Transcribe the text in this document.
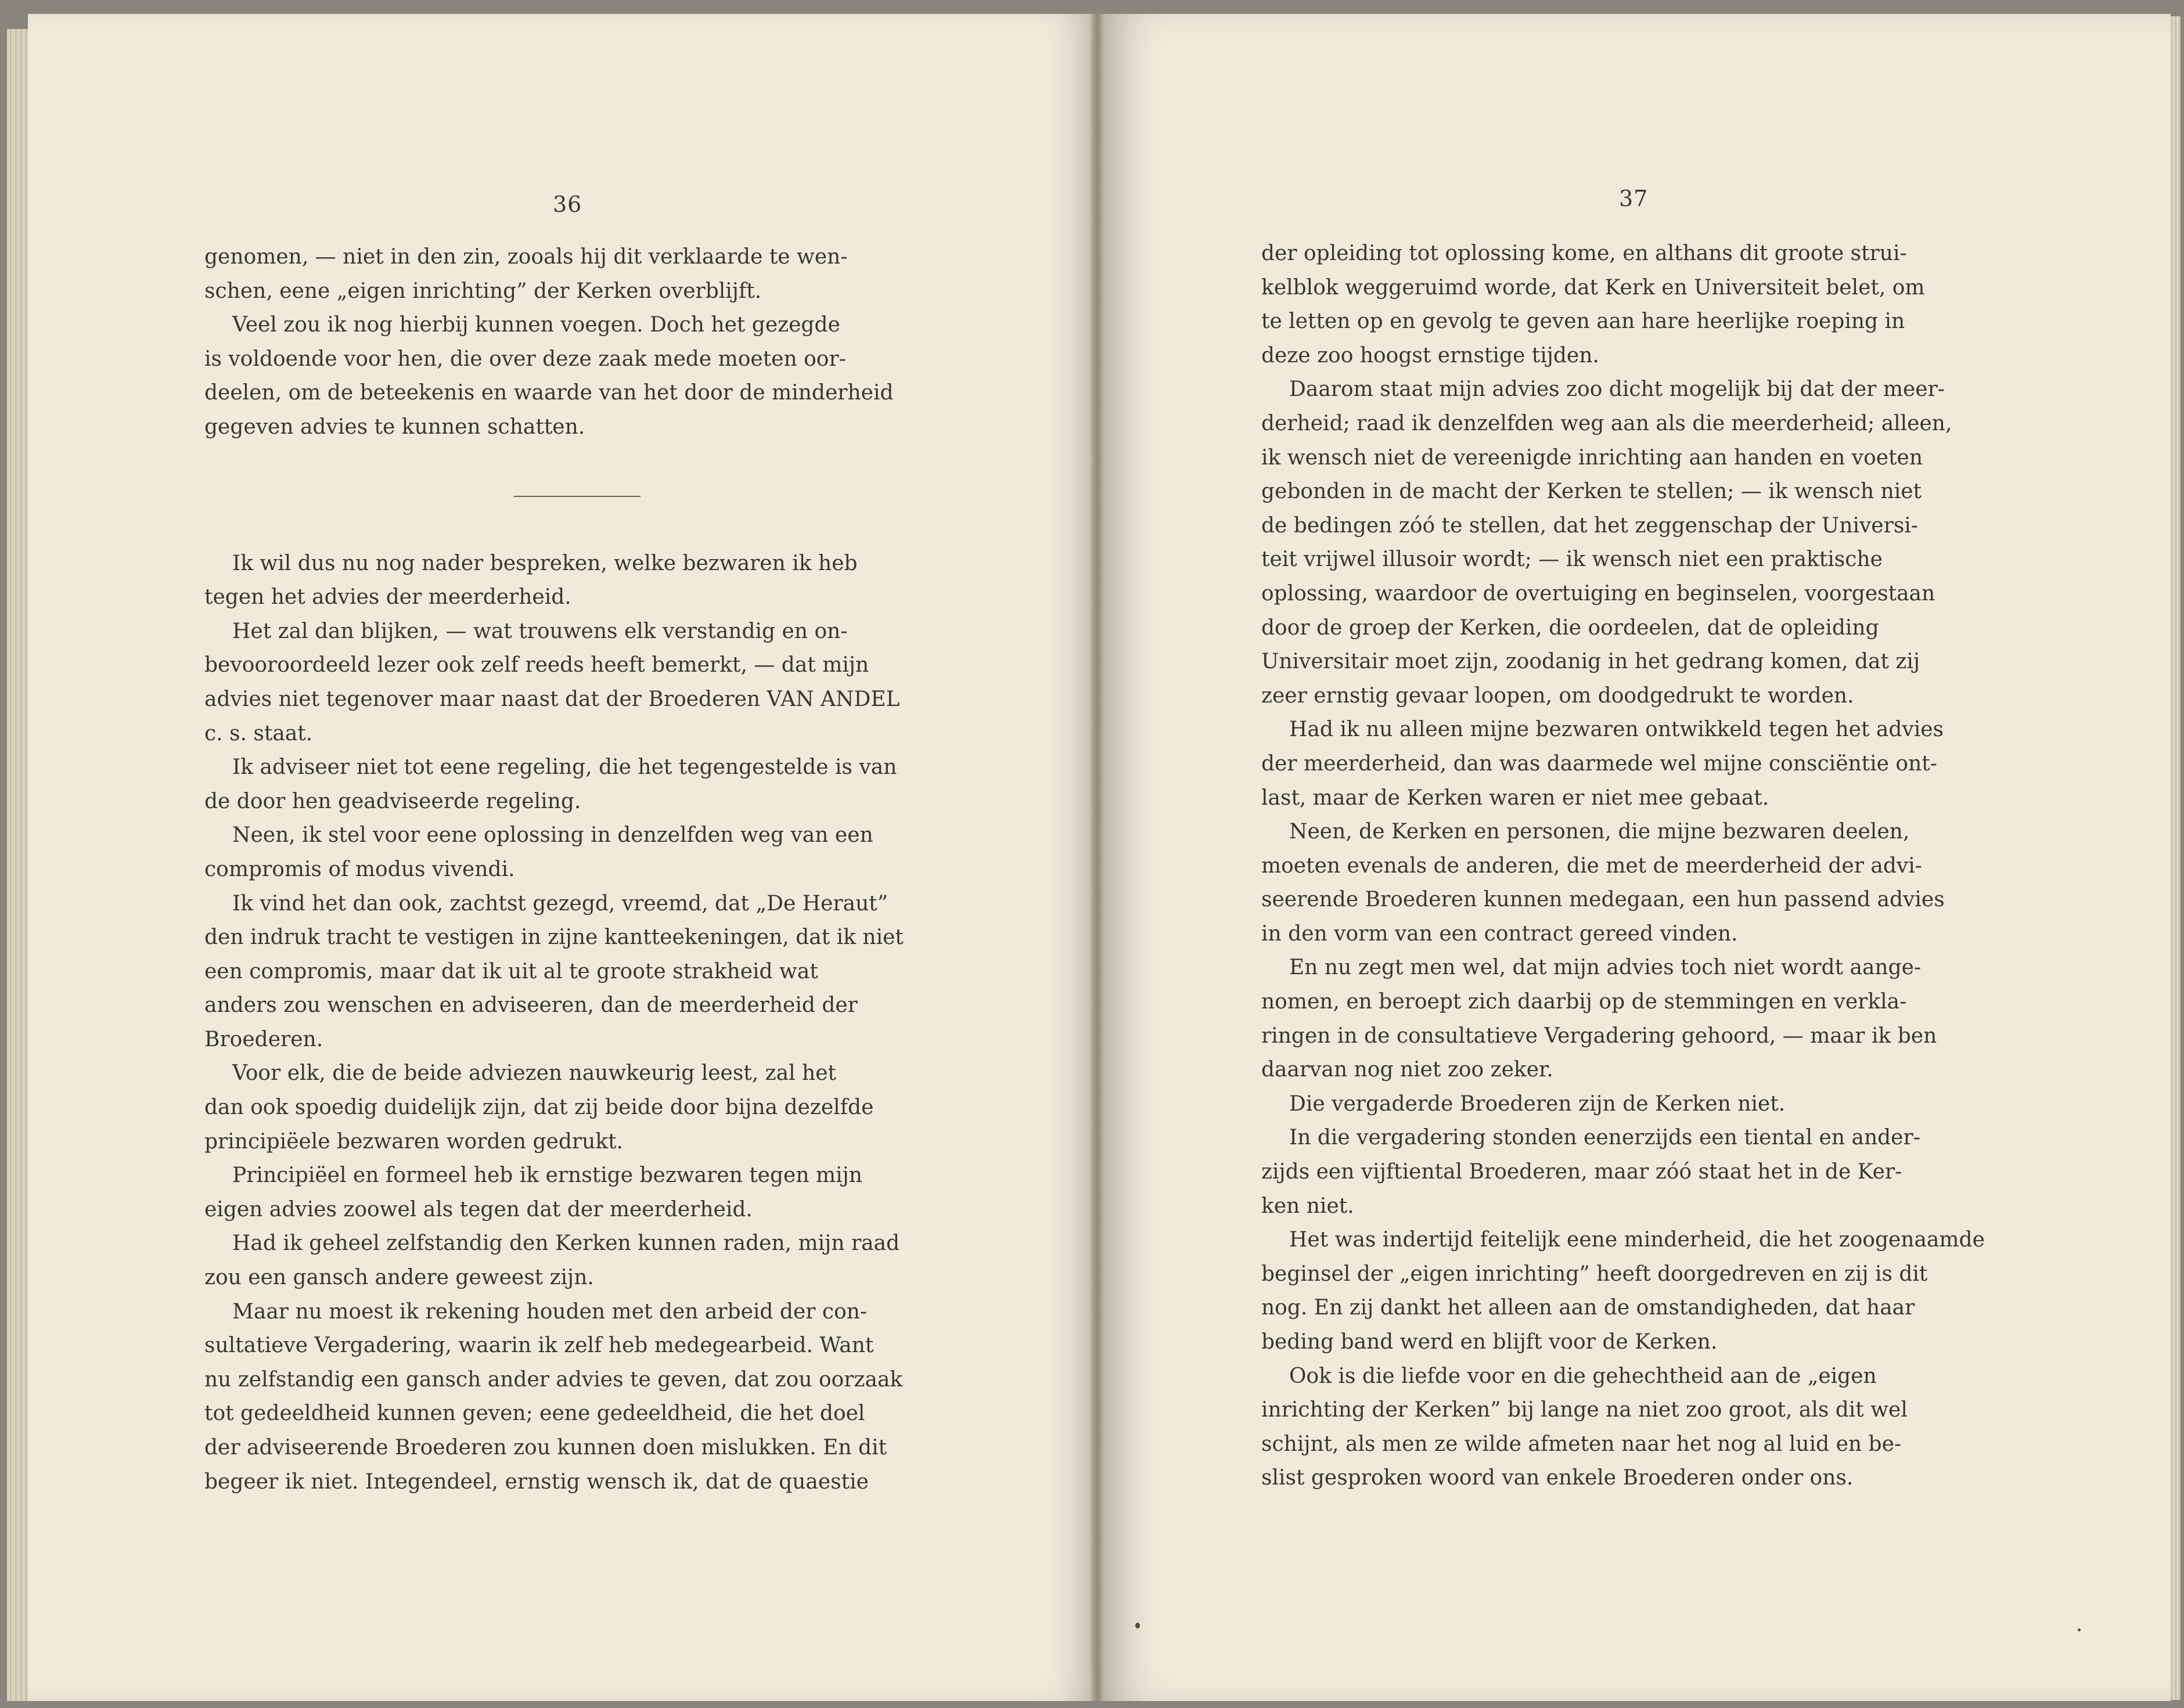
36	37

genomen, — niet in den zin, zooals hij dit verklaarde te wen-

schen, eene „eigen inrichting” der Kerken overblijft.

Veel zou ik nog hierbij kunnen voegen. Doch het gezegde

is voldoende voor hen, die over deze zaak mede moeten oor-

deelen, om de beteekenis en waarde van het door de minderheid

gegeven advies te kunnen schatten.

Ik wil dus nu nog nader bespreken, welke bezwaren ik heb

tegen het advies der meerderheid.

Het zal dan blijken, — wat trouwens elk verstandig en on-

bevooroordeeld lezer ook zelf reeds heeft bemerkt, — dat mijn

advies niet tegenover maar naast dat der Broederen VAN ANDEL

c. s. staat.

Ik adviseer niet tot eene regeling, die het tegengestelde is van

de door hen geadviseerde regeling.

Neen, ik stel voor eene oplossing in denzelfden weg van een

compromis of modus vivendi.

Ik vind het dan ook, zachtst gezegd, vreemd, dat „De Heraut”

den indruk tracht te vestigen in zijne kantteekeningen, dat ik niet

een compromis, maar dat ik uit al te groote strakheid wat

anders zou wenschen en adviseeren, dan de meerderheid der

Broederen.

Voor elk, die de beide adviezen nauwkeurig leest, zal het

dan ook spoedig duidelijk zijn, dat zij beide door bijna dezelfde

principiëele bezwaren worden gedrukt.

Principiëel en formeel heb ik ernstige bezwaren tegen mijn

eigen advies zoowel als tegen dat der meerderheid.

Had ik geheel zelfstandig den Kerken kunnen raden, mijn raad

zou een gansch andere geweest zijn.

Maar nu moest ik rekening houden met den arbeid der con-

sultatieve Vergadering, waarin ik zelf heb medegearbeid. Want

nu zelfstandig een gansch ander advies te geven, dat zou oorzaak

tot gedeeldheid kunnen geven; eene gedeeldheid, die het doel

der adviseerende Broederen zou kunnen doen mislukken. En dit

begeer ik niet. Integendeel, ernstig wensch ik, dat de quaestie

der opleiding tot oplossing kome, en althans dit groote strui-

kelblok weggeruimd worde, dat Kerk en Universiteit belet, om

te letten op en gevolg te geven aan hare heerlijke roeping in

deze zoo hoogst ernstige tijden.

Daarom staat mijn advies zoo dicht mogelijk bij dat der meer-

derheid; raad ik denzelfden weg aan als die meerderheid; alleen,

ik wensch niet de vereenigde inrichting aan handen en voeten

gebonden in de macht der Kerken te stellen; — ik wensch niet

de bedingen zóó te stellen, dat het zeggenschap der Universi-

teit vrijwel illusoir wordt; — ik wensch niet een praktische

oplossing, waardoor de overtuiging en beginselen, voorgestaan

door de groep der Kerken, die oordeelen, dat de opleiding

Universitair moet zijn, zoodanig in het gedrang komen, dat zij

zeer ernstig gevaar loopen, om doodgedrukt te worden.

Had ik nu alleen mijne bezwaren ontwikkeld tegen het advies

der meerderheid, dan was daarmede wel mijne consciëntie ont-

last, maar de Kerken waren er niet mee gebaat.

Neen, de Kerken en personen, die mijne bezwaren deelen,

moeten evenals de anderen, die met de meerderheid der advi-

seerende Broederen kunnen medegaan, een hun passend advies

in den vorm van een contract gereed vinden.

En nu zegt men wel, dat mijn advies toch niet wordt aange-

nomen, en beroept zich daarbij op de stemmingen en verkla-

ringen in de consultatieve Vergadering gehoord, — maar ik ben

daarvan nog niet zoo zeker.

Die vergaderde Broederen zijn de Kerken niet.

In die vergadering stonden eenerzijds een tiental en ander-

zijds een vijftiental Broederen, maar zóó staat het in de Ker-

ken niet.

Het was indertijd feitelijk eene minderheid, die het zoogenaamde

beginsel der „eigen inrichting” heeft doorgedreven en zij is dit

nog. En zij dankt het alleen aan de omstandigheden, dat haar

beding band werd en blijft voor de Kerken.

Ook is die liefde voor en die gehechtheid aan de „eigen

inrichting der Kerken” bij lange na niet zoo groot, als dit wel

schijnt, als men ze wilde afmeten naar het nog al luid en be-

slist gesproken woord van enkele Broederen onder ons.
